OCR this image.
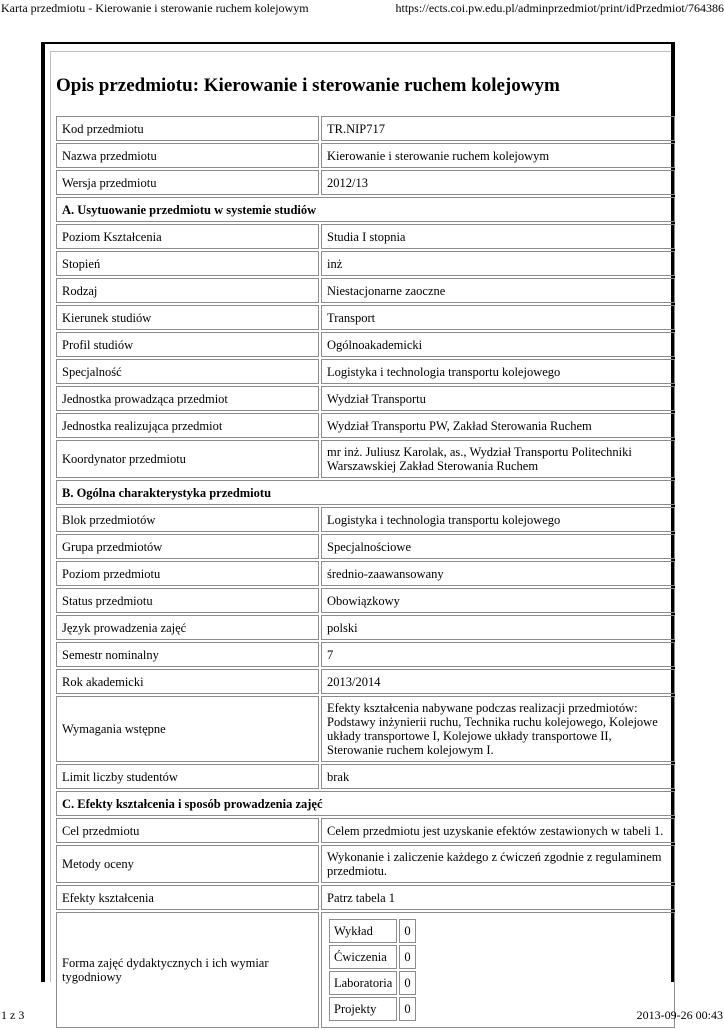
Karta przedmiotu - Kierowanie i sterowanie ruchem kolejowym	https://ects.coi.pw.edu.pl/adminprzedmiot/print/idPrzedmiot/764386
Opis przedmiotu: Kierowanie i sterowanie ruchem kolejowym
Kod przedmiotu	TR.NIP717
Nazwa przedmiotu	Kierowanie i sterowanie ruchem kolejowym
Wersja przedmiotu	2012/13
A. Usytuowanie przedmiotu w systemie studiów
Poziom Kształcenia	Studia I stopnia
Stopień	inż
Rodzaj	Niestacjonarne zaoczne
Kierunek studiów	Transport
Profil studiów	Ogólnoakademicki
Specjalność	Logistyka i technologia transportu kolejowego
Jednostka prowadząca przedmiot	Wydział Transportu
Jednostka realizująca przedmiot	Wydział Transportu PW, Zakład Sterowania Ruchem
Koordynator przedmiotu	mr inż. Juliusz Karolak, as., Wydział Transportu Politechniki Warszawskiej Zakład Sterowania Ruchem
B. Ogólna charakterystyka przedmiotu
Blok przedmiotów	Logistyka i technologia transportu kolejowego
Grupa przedmiotów	Specjalnościowe
Poziom przedmiotu	średnio-zaawansowany
Status przedmiotu	Obowiązkowy
Język prowadzenia zajęć	polski
Semestr nominalny	7
Rok akademicki	2013/2014
Wymagania wstępne	Efekty kształcenia nabywane podczas realizacji przedmiotów: Podstawy inżynierii ruchu, Technika ruchu kolejowego, Kolejowe układy transportowe I, Kolejowe układy transportowe II, Sterowanie ruchem kolejowym I.
Limit liczby studentów	brak
C. Efekty kształcenia i sposób prowadzenia zajęć
Cel przedmiotu	Celem przedmiotu jest uzyskanie efektów zestawionych w tabeli 1.
Metody oceny	Wykonanie i zaliczenie każdego z ćwiczeń zgodnie z regulaminem przedmiotu.
Efekty kształcenia	Patrz tabela 1
Forma zajęć dydaktycznych i ich wymiar tygodniowy	
Wykład	0
Ćwiczenia	0
Laboratoria	0
Projekty	0
1 z 3	2013-09-26 00:43
